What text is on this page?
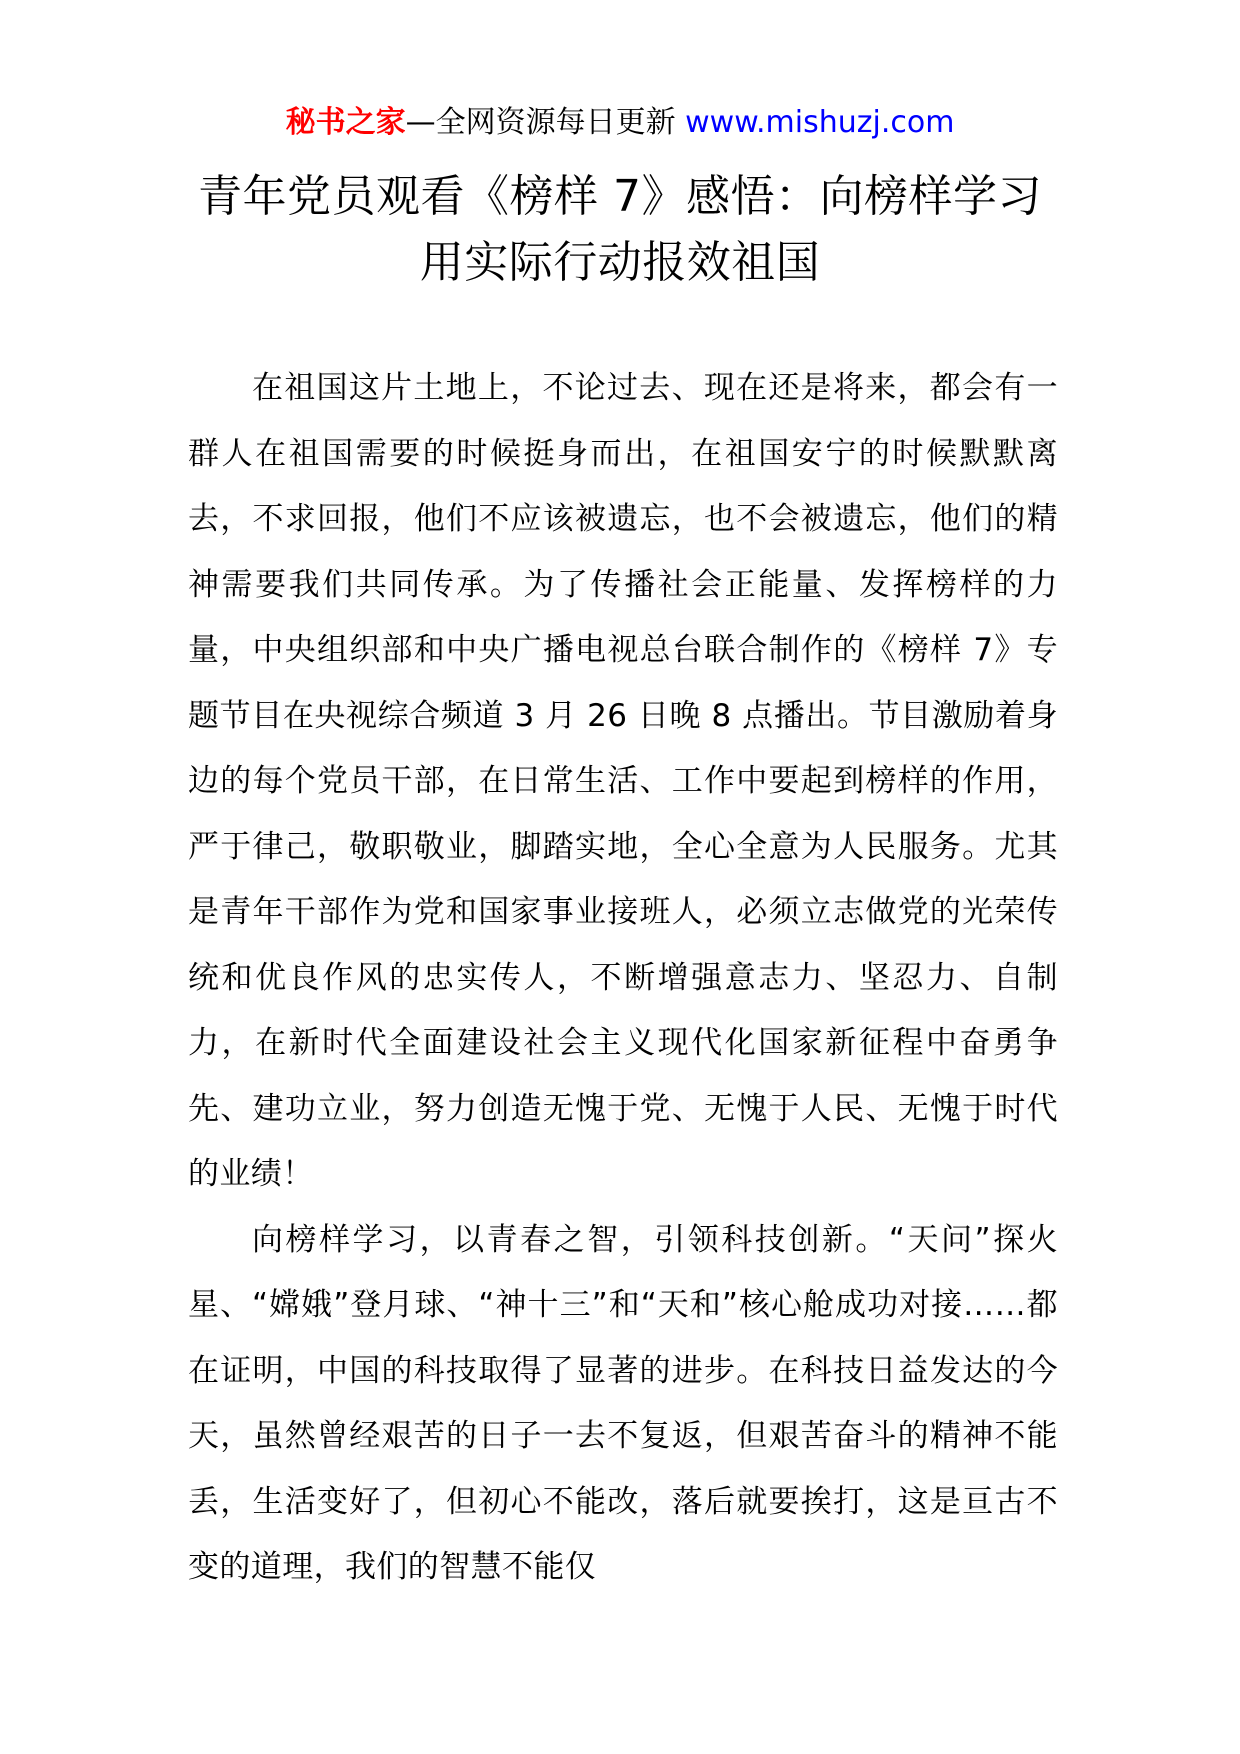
秘书之家—全网资源每日更新 www.mishuzj.com
青年党员观看《榜样 7》感悟：向榜样学习
用实际行动报效祖国

在祖国这片土地上，不论过去、现在还是将来，都会有一群人在祖国需要的时候挺身而出，在祖国安宁的时候默默离去，不求回报，他们不应该被遗忘，也不会被遗忘，他们的精神需要我们共同传承。为了传播社会正能量、发挥榜样的力量，中央组织部和中央广播电视总台联合制作的《榜样 7》专题节目在央视综合频道 3 月 26 日晚 8 点播出。节目激励着身边的每个党员干部，在日常生活、工作中要起到榜样的作用，严于律己，敬职敬业，脚踏实地，全心全意为人民服务。尤其是青年干部作为党和国家事业接班人，必须立志做党的光荣传统和优良作风的忠实传人，不断增强意志力、坚忍力、自制力，在新时代全面建设社会主义现代化国家新征程中奋勇争先、建功立业，努力创造无愧于党、无愧于人民、无愧于时代的业绩！

向榜样学习，以青春之智，引领科技创新。“天问”探火星、“嫦娥”登月球、“神十三”和“天和”核心舱成功对接……都在证明，中国的科技取得了显著的进步。在科技日益发达的今天，虽然曾经艰苦的日子一去不复返，但艰苦奋斗的精神不能丢，生活变好了，但初心不能改，落后就要挨打，这是亘古不变的道理，我们的智慧不能仅
